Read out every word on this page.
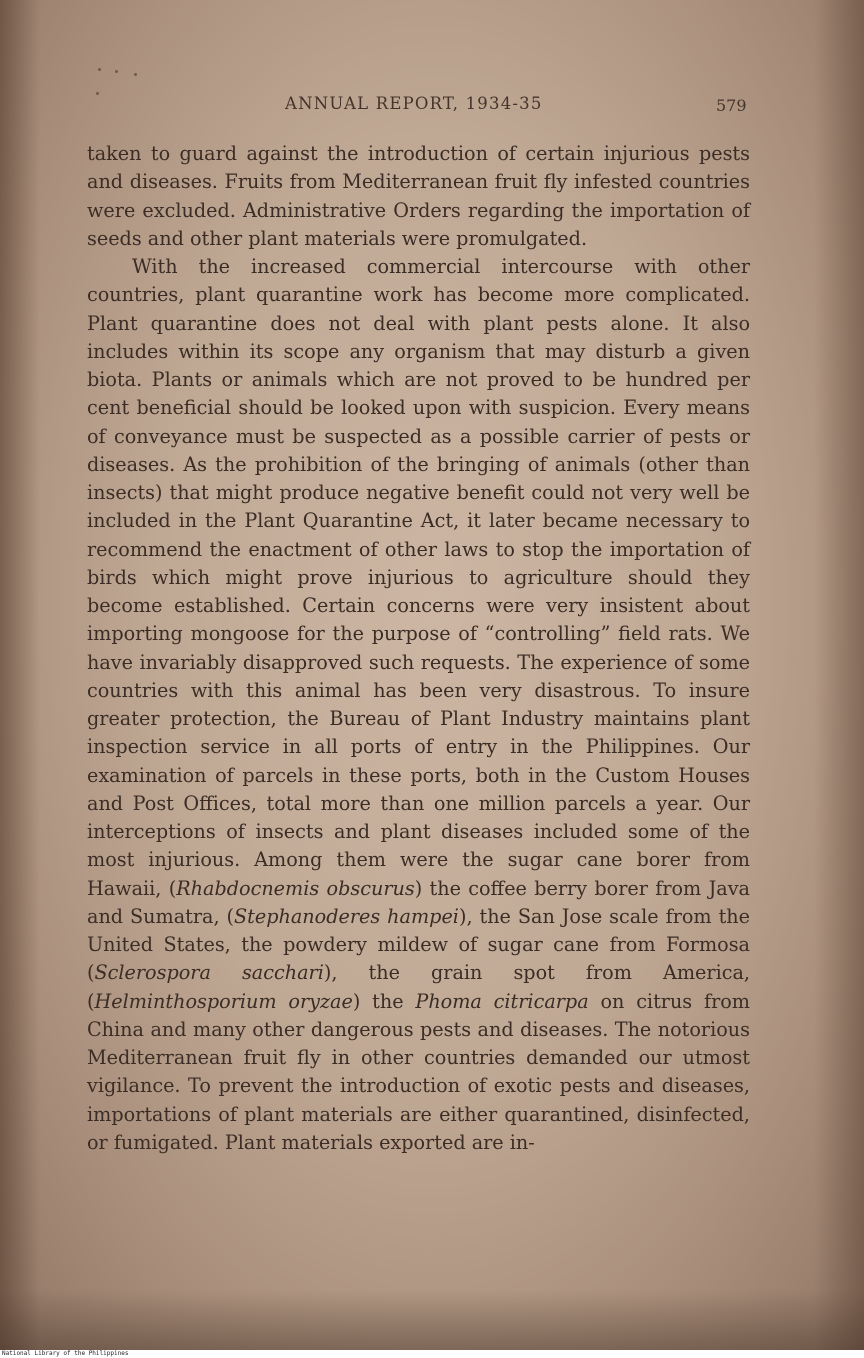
ANNUAL REPORT, 1934-35	579

taken to guard against the introduction of certain injurious pests and diseases. Fruits from Mediterranean fruit fly infested countries were excluded. Administrative Orders regarding the importation of seeds and other plant materials were promulgated.

With the increased commercial intercourse with other countries, plant quarantine work has become more complicated. Plant quarantine does not deal with plant pests alone. It also includes within its scope any organism that may disturb a given biota. Plants or animals which are not proved to be hundred per cent beneficial should be looked upon with suspicion. Every means of conveyance must be suspected as a possible carrier of pests or diseases. As the prohibition of the bringing of animals (other than insects) that might produce negative benefit could not very well be included in the Plant Quarantine Act, it later became necessary to recommend the enactment of other laws to stop the importation of birds which might prove injurious to agriculture should they become established. Certain concerns were very insistent about importing mongoose for the purpose of “controlling” field rats. We have invariably disapproved such requests. The experience of some countries with this animal has been very disastrous. To insure greater protection, the Bureau of Plant Industry maintains plant inspection service in all ports of entry in the Philippines. Our examination of parcels in these ports, both in the Custom Houses and Post Offices, total more than one million parcels a year. Our interceptions of insects and plant diseases included some of the most injurious. Among them were the sugar cane borer from Hawaii, (Rhabdocnemis obscurus) the coffee berry borer from Java and Sumatra, (Stephanoderes hampei), the San Jose scale from the United States, the powdery mildew of sugar cane from Formosa (Sclerospora sacchari), the grain spot from America, (Helminthosporium oryzae) the Phoma citricarpa on citrus from China and many other dangerous pests and diseases. The notorious Mediterranean fruit fly in other countries demanded our utmost vigilance. To prevent the introduction of exotic pests and diseases, importations of plant materials are either quarantined, disinfected, or fumigated. Plant materials exported are in-

National Library of the Philippines
